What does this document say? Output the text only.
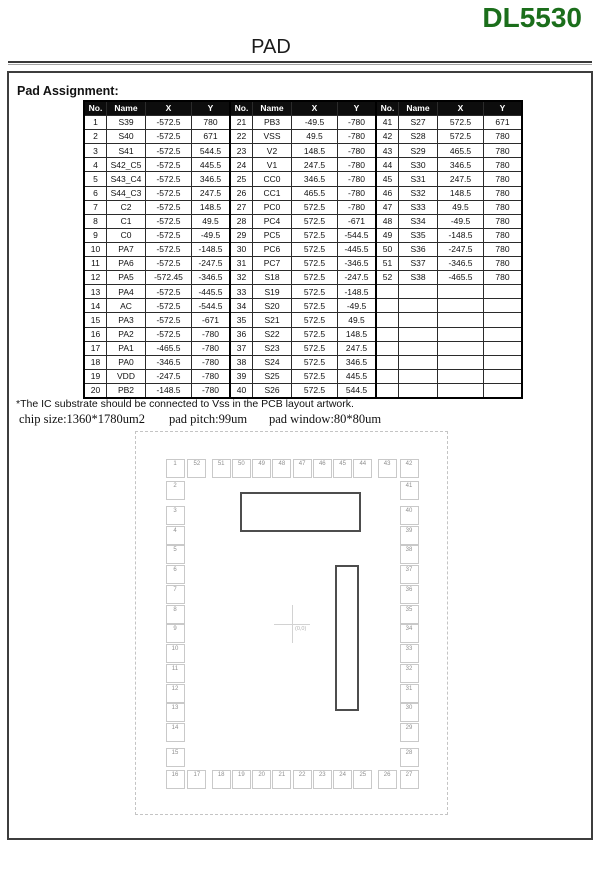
DL5530
PAD
Pad Assignment:
No.	Name	X	Y	No.	Name	X	Y	No.	Name	X	Y
1	S39	-572.5	780	21	PB3	-49.5	-780	41	S27	572.5	671
2	S40	-572.5	671	22	VSS	49.5	-780	42	S28	572.5	780
3	S41	-572.5	544.5	23	V2	148.5	-780	43	S29	465.5	780
4	S42_C5	-572.5	445.5	24	V1	247.5	-780	44	S30	346.5	780
5	S43_C4	-572.5	346.5	25	CC0	346.5	-780	45	S31	247.5	780
6	S44_C3	-572.5	247.5	26	CC1	465.5	-780	46	S32	148.5	780
7	C2	-572.5	148.5	27	PC0	572.5	-780	47	S33	49.5	780
8	C1	-572.5	49.5	28	PC4	572.5	-671	48	S34	-49.5	780
9	C0	-572.5	-49.5	29	PC5	572.5	-544.5	49	S35	-148.5	780
10	PA7	-572.5	-148.5	30	PC6	572.5	-445.5	50	S36	-247.5	780
11	PA6	-572.5	-247.5	31	PC7	572.5	-346.5	51	S37	-346.5	780
12	PA5	-572.45	-346.5	32	S18	572.5	-247.5	52	S38	-465.5	780
13	PA4	-572.5	-445.5	33	S19	572.5	-148.5				
14	AC	-572.5	-544.5	34	S20	572.5	-49.5				
15	PA3	-572.5	-671	35	S21	572.5	49.5				
16	PA2	-572.5	-780	36	S22	572.5	148.5				
17	PA1	-465.5	-780	37	S23	572.5	247.5				
18	PA0	-346.5	-780	38	S24	572.5	346.5				
19	VDD	-247.5	-780	39	S25	572.5	445.5				
20	PB2	-148.5	-780	40	S26	572.5	544.5				
*The IC substrate should be connected to Vss in the PCB layout artwork.
chip size:1360*1780um2 pad pitch:99um pad window:80*80um
(0,0)
1
2
3
4
5
6
7
8
9
10
11
12
13
14
15
16	17	18	19	20	21	22	23	24	25	26	27
28
29
30
31
32
33
34
35
36
37
38
39
40
41
42
43
44
45
46
47
48
49
50
51
52
